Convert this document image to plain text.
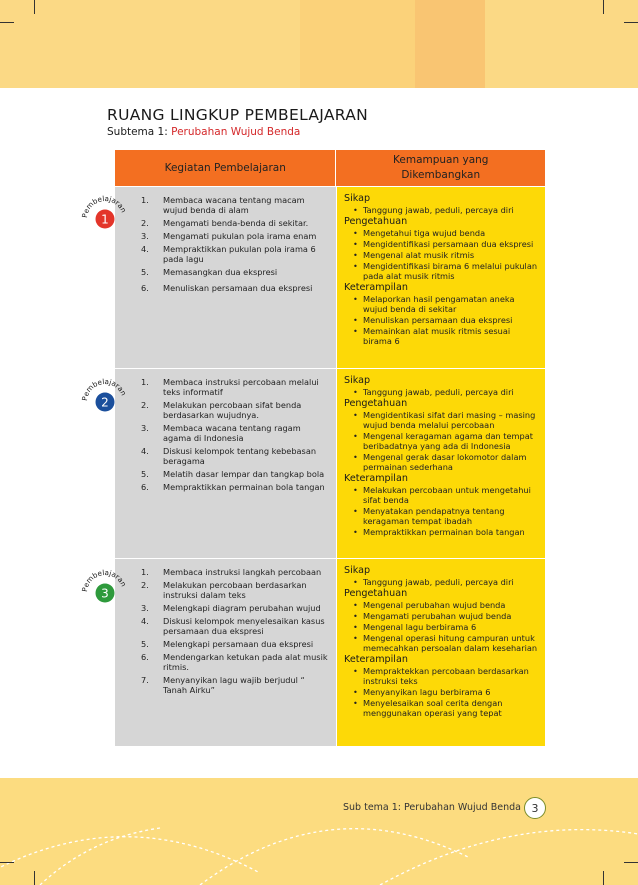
RUANG LINGKUP PEMBELAJARAN
Subtema 1: Perubahan Wujud Benda
Kegiatan Pembelajaran
Kemampuan yang
Dikembangkan
1. Membaca wacana tentang macam wujud benda di alam
2. Mengamati benda-benda di sekitar.
3. Mengamati pukulan pola irama enam
4. Mempraktikkan pukulan pola irama 6 pada lagu
5. Memasangkan dua ekspresi
6. Menuliskan persamaan dua ekspresi
Sikap
• Tanggung jawab, peduli, percaya diri
Pengetahuan
• Mengetahui tiga wujud benda
• Mengidentifikasi persamaan dua ekspresi
• Mengenal alat musik ritmis
• Mengidentifikasi birama 6 melalui pukulan pada alat musik ritmis
Keterampilan
• Melaporkan hasil pengamatan aneka wujud benda di sekitar
• Menuliskan persamaan dua ekspresi
• Memainkan alat musik ritmis sesuai birama 6
1. Membaca instruksi percobaan melalui teks informatif
2. Melakukan percobaan sifat benda berdasarkan wujudnya.
3. Membaca wacana tentang ragam agama di Indonesia
4. Diskusi kelompok tentang kebebasan beragama
5. Melatih dasar lempar dan tangkap bola
6. Mempraktikkan permainan bola tangan
Sikap
• Tanggung jawab, peduli, percaya diri
Pengetahuan
• Mengidentikasi sifat dari masing – masing wujud benda melalui percobaan
• Mengenal keragaman agama dan tempat beribadatnya yang ada di Indonesia
• Mengenal gerak dasar lokomotor dalam permainan sederhana
Keterampilan
• Melakukan percobaan untuk mengetahui sifat benda
• Menyatakan pendapatnya tentang keragaman tempat ibadah
• Mempraktikkan permainan bola tangan
1. Membaca instruksi langkah percobaan
2. Melakukan percobaan berdasarkan instruksi dalam teks
3. Melengkapi diagram perubahan wujud
4. Diskusi kelompok menyelesaikan kasus persamaan dua ekspresi
5. Melengkapi persamaan dua ekspresi
6. Mendengarkan ketukan pada alat musik ritmis.
7. Menyanyikan lagu wajib berjudul “ Tanah Airku”
Sikap
• Tanggung jawab, peduli, percaya diri
Pengetahuan
• Mengenal perubahan wujud benda
• Mengamati perubahan wujud benda
• Mengenal lagu berbirama 6
• Mengenal operasi hitung campuran untuk memecahkan persoalan dalam keseharian
Keterampilan
• Mempraktekkan percobaan berdasarkan instruksi teks
• Menyanyikan lagu berbirama 6
• Menyelesaikan soal cerita dengan menggunakan operasi yang tepat
Pembelajaran
1
Pembelajaran
2
Pembelajaran
3
Sub tema 1: Perubahan Wujud Benda 3
